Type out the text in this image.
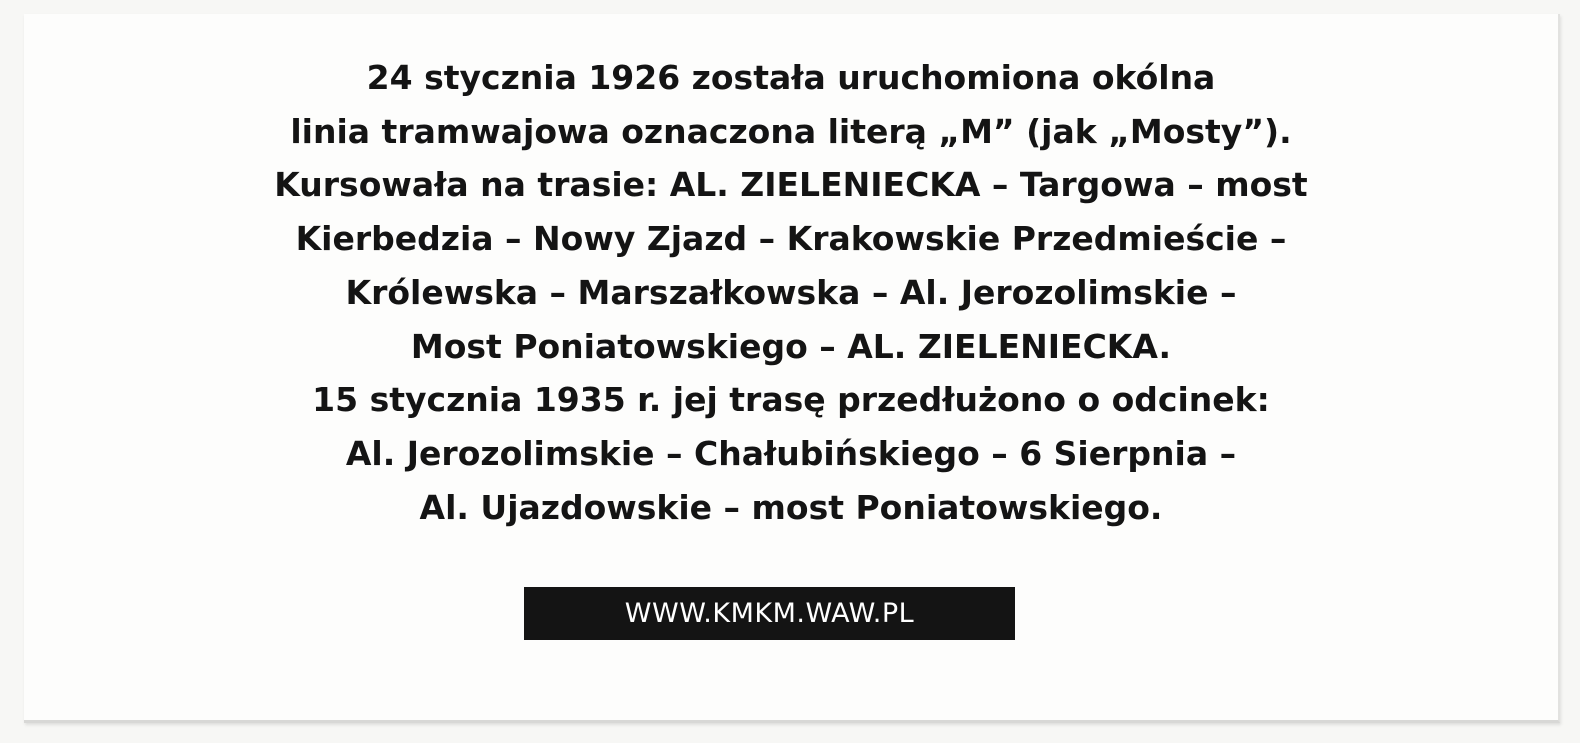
24 stycznia 1926 została uruchomiona okólna
linia tramwajowa oznaczona literą „M” (jak „Mosty”).
Kursowała na trasie: AL. ZIELENIECKA – Targowa – most
Kierbedzia – Nowy Zjazd – Krakowskie Przedmieście –
Królewska – Marszałkowska – Al. Jerozolimskie –
Most Poniatowskiego – AL. ZIELENIECKA.
15 stycznia 1935 r. jej trasę przedłużono o odcinek:
Al. Jerozolimskie – Chałubińskiego – 6 Sierpnia –
Al. Ujazdowskie – most Poniatowskiego.
WWW.KMKM.WAW.PL
